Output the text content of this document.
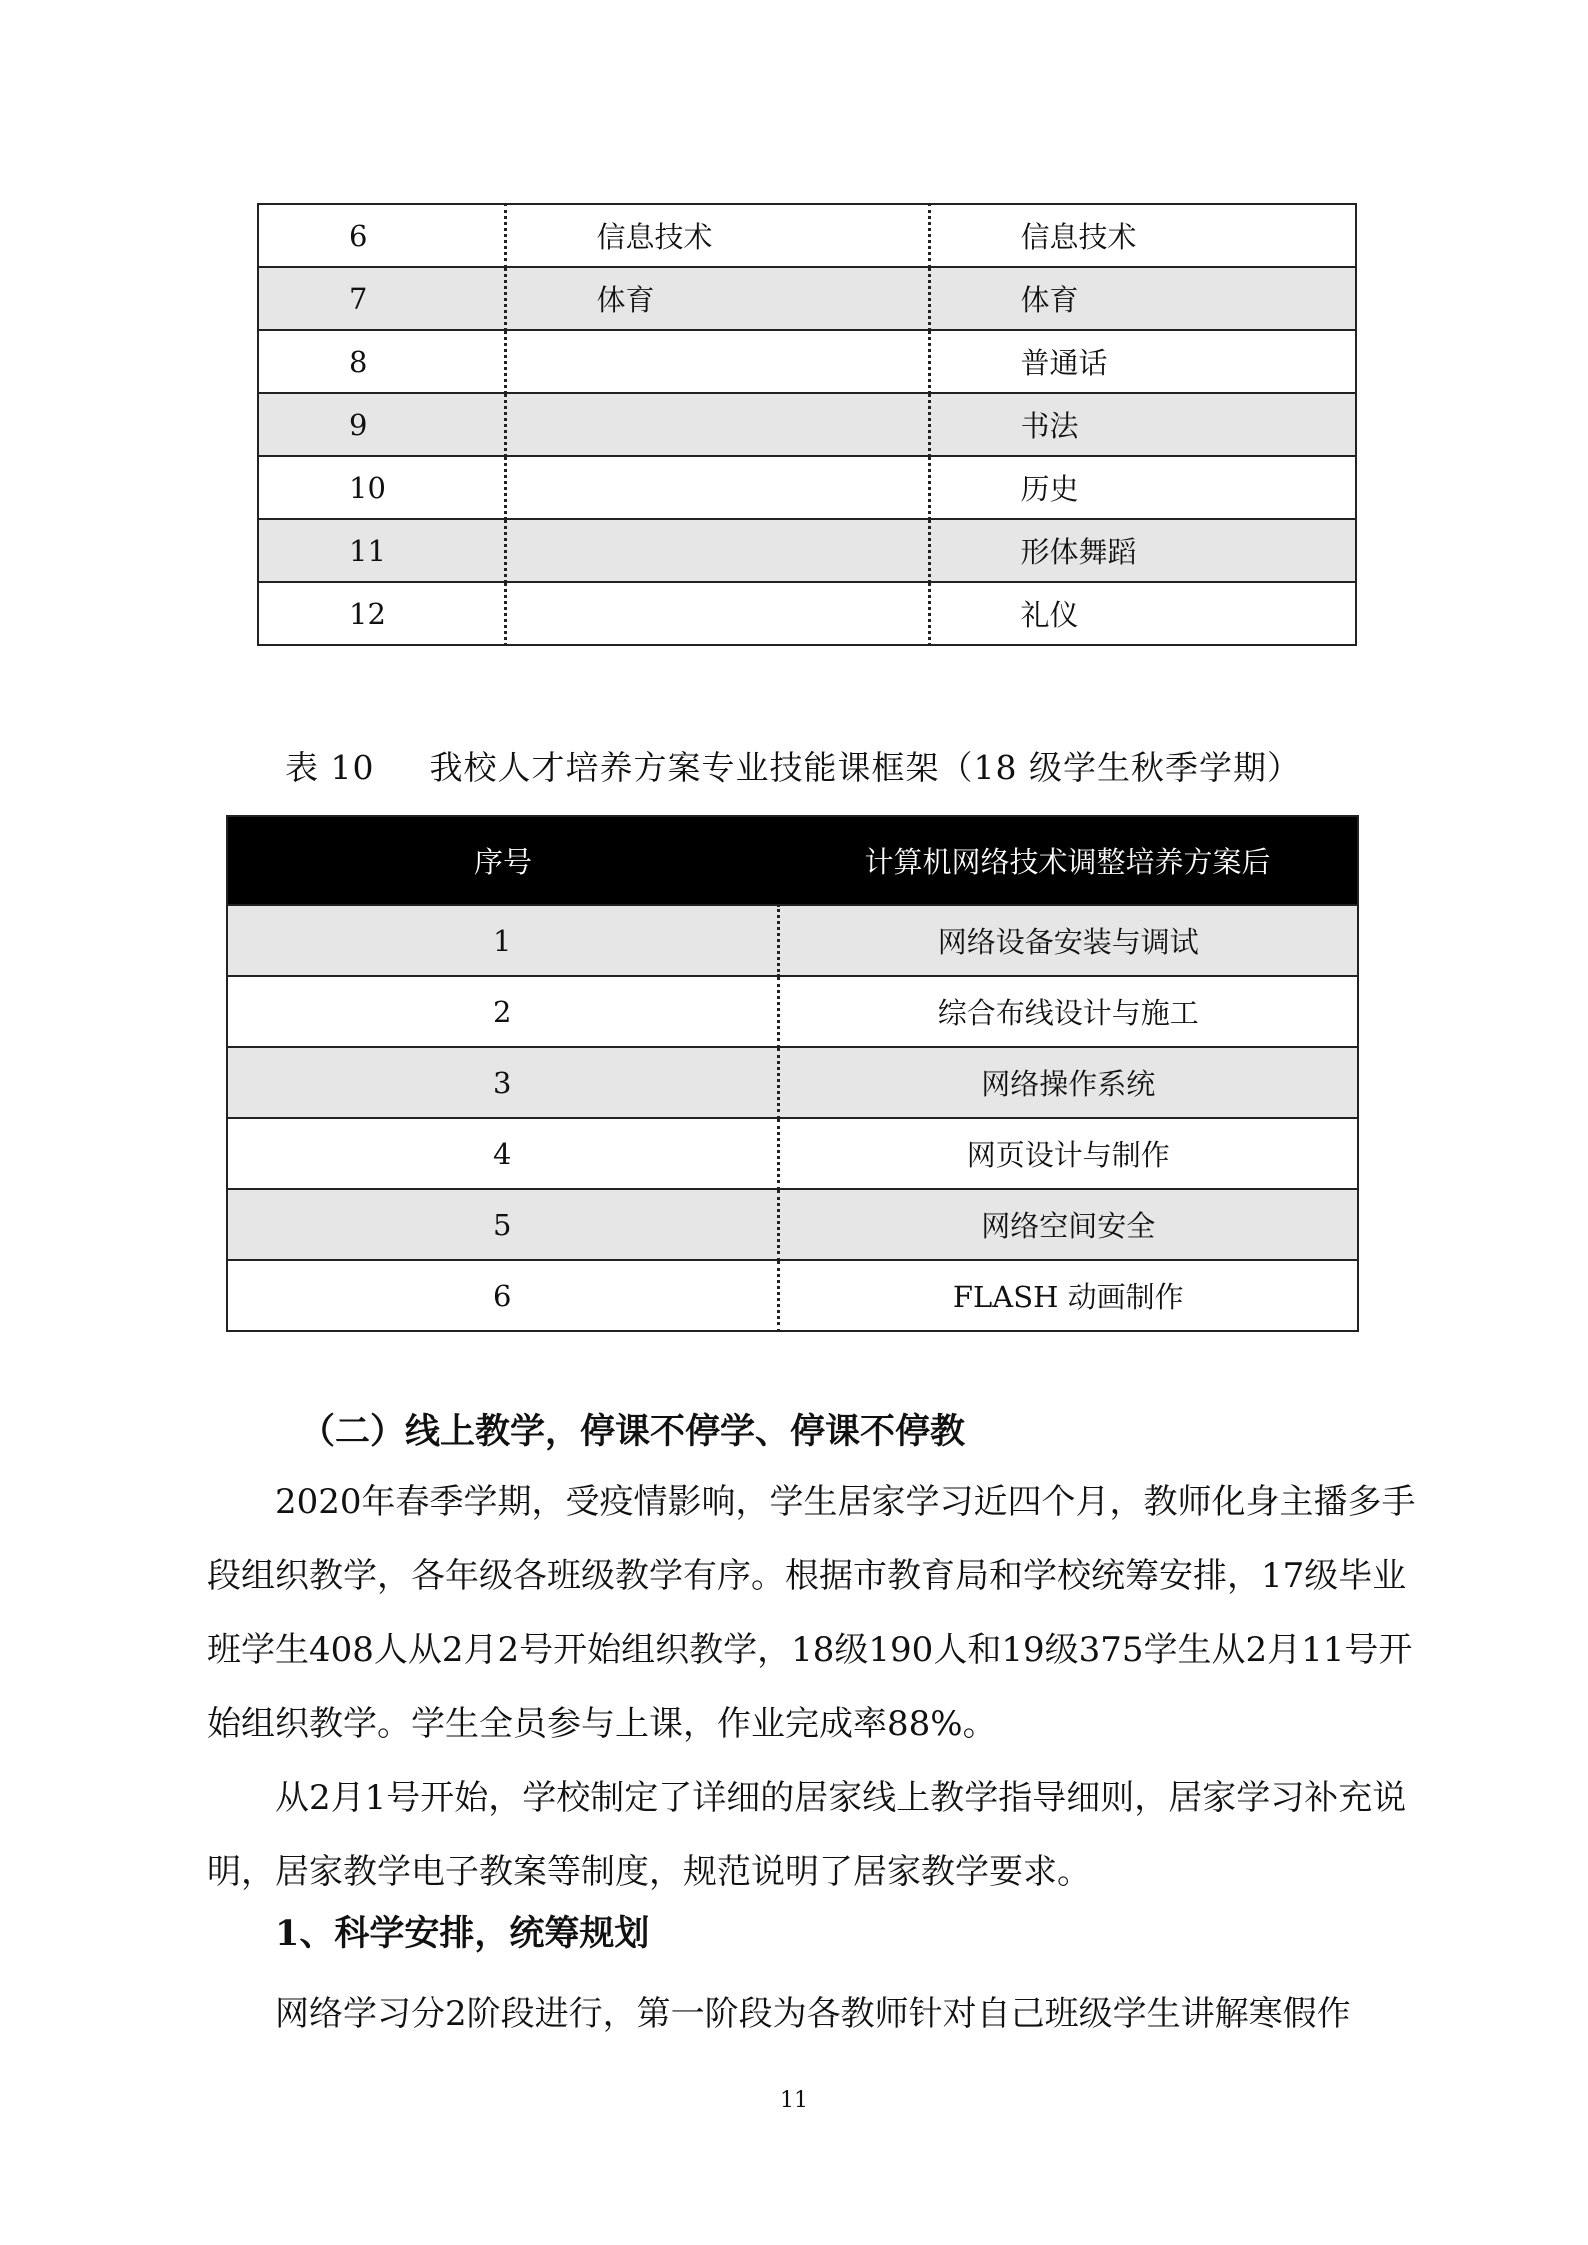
6	信息技术	信息技术
7	体育	体育
8		普通话
9		书法
10		历史
11		形体舞蹈
12		礼仪
表 10 我校人才培养方案专业技能课框架（18 级学生秋季学期）
序号	计算机网络技术调整培养方案后
1	网络设备安装与调试
2	综合布线设计与施工
3	网络操作系统
4	网页设计与制作
5	网络空间安全
6	FLASH 动画制作
（二）线上教学，停课不停学、停课不停教

2020年春季学期，受疫情影响，学生居家学习近四个月，教师化身主播多手段组织教学，各年级各班级教学有序。根据市教育局和学校统筹安排，17级毕业班学生408人从2月2号开始组织教学，18级190人和19级375学生从2月11号开始组织教学。学生全员参与上课，作业完成率88%。

从2月1号开始，学校制定了详细的居家线上教学指导细则，居家学习补充说明，居家教学电子教案等制度，规范说明了居家教学要求。

1、科学安排，统筹规划

网络学习分2阶段进行，第一阶段为各教师针对自己班级学生讲解寒假作

11
